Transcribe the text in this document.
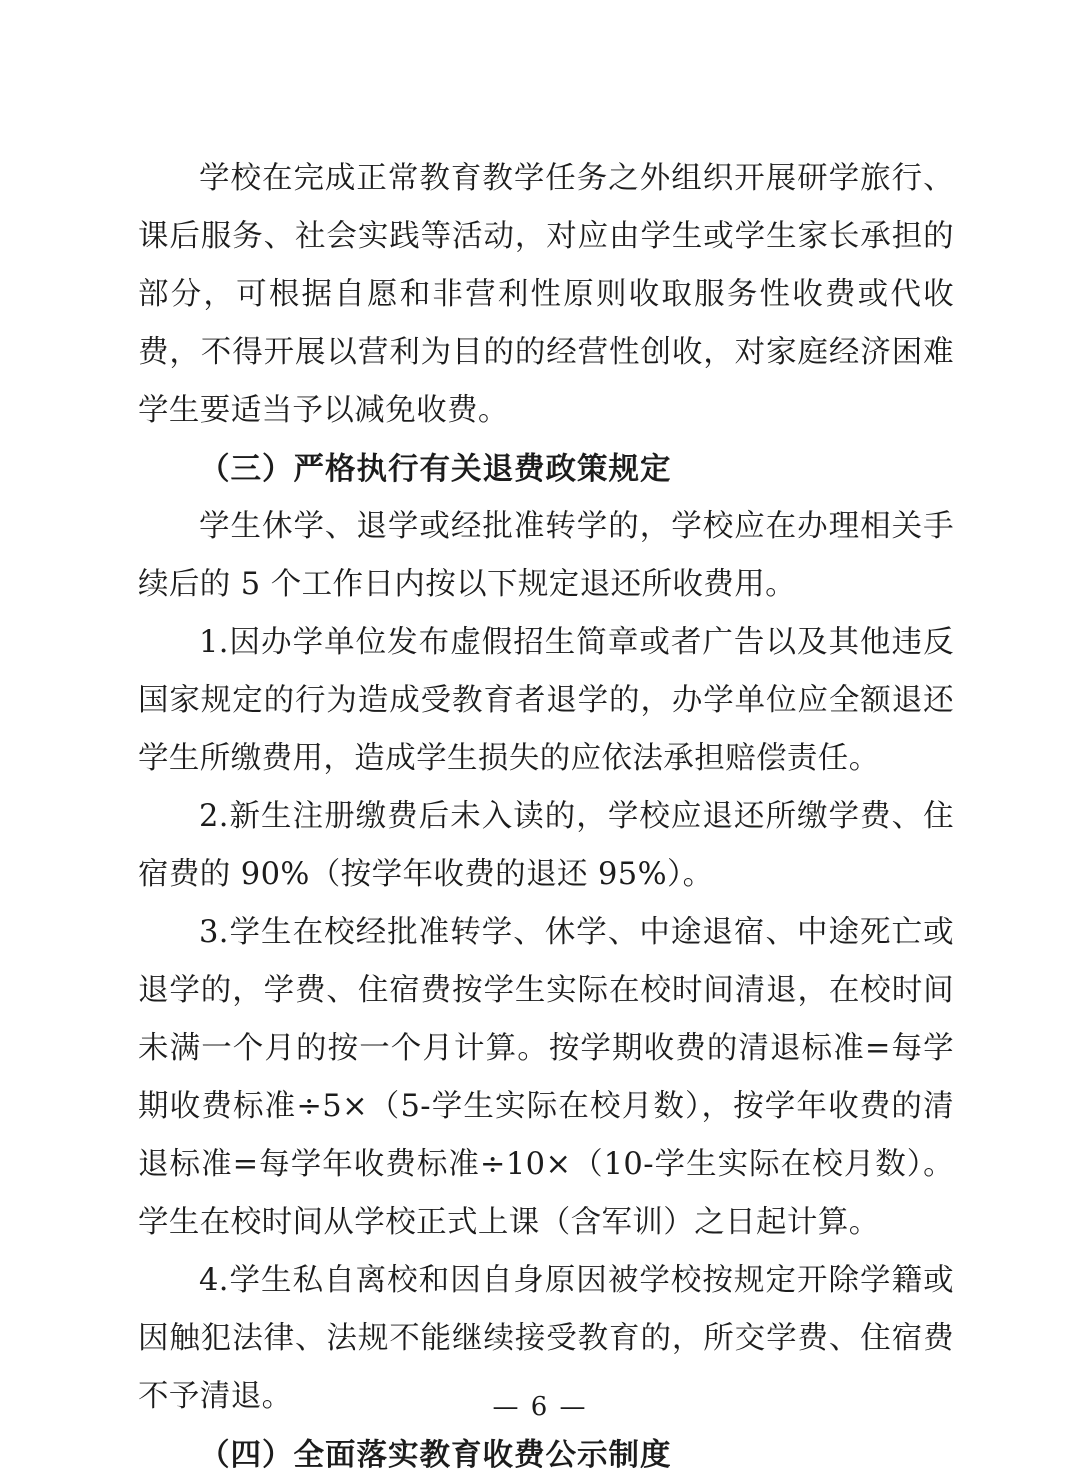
学校在完成正常教育教学任务之外组织开展研学旅行、课后服务、社会实践等活动，对应由学生或学生家长承担的部分，可根据自愿和非营利性原则收取服务性收费或代收费，不得开展以营利为目的的经营性创收，对家庭经济困难学生要适当予以减免收费。

（三）严格执行有关退费政策规定

学生休学、退学或经批准转学的，学校应在办理相关手续后的 5 个工作日内按以下规定退还所收费用。

1.因办学单位发布虚假招生简章或者广告以及其他违反国家规定的行为造成受教育者退学的，办学单位应全额退还学生所缴费用，造成学生损失的应依法承担赔偿责任。

2.新生注册缴费后未入读的，学校应退还所缴学费、住宿费的 90%（按学年收费的退还 95%）。

3.学生在校经批准转学、休学、中途退宿、中途死亡或退学的，学费、住宿费按学生实际在校时间清退，在校时间未满一个月的按一个月计算。按学期收费的清退标准=每学期收费标准÷5×（5-学生实际在校月数），按学年收费的清退标准=每学年收费标准÷10×（10-学生实际在校月数）。学生在校时间从学校正式上课（含军训）之日起计算。

4.学生私自离校和因自身原因被学校按规定开除学籍或因触犯法律、法规不能继续接受教育的，所交学费、住宿费不予清退。

（四）全面落实教育收费公示制度

— 6 —
